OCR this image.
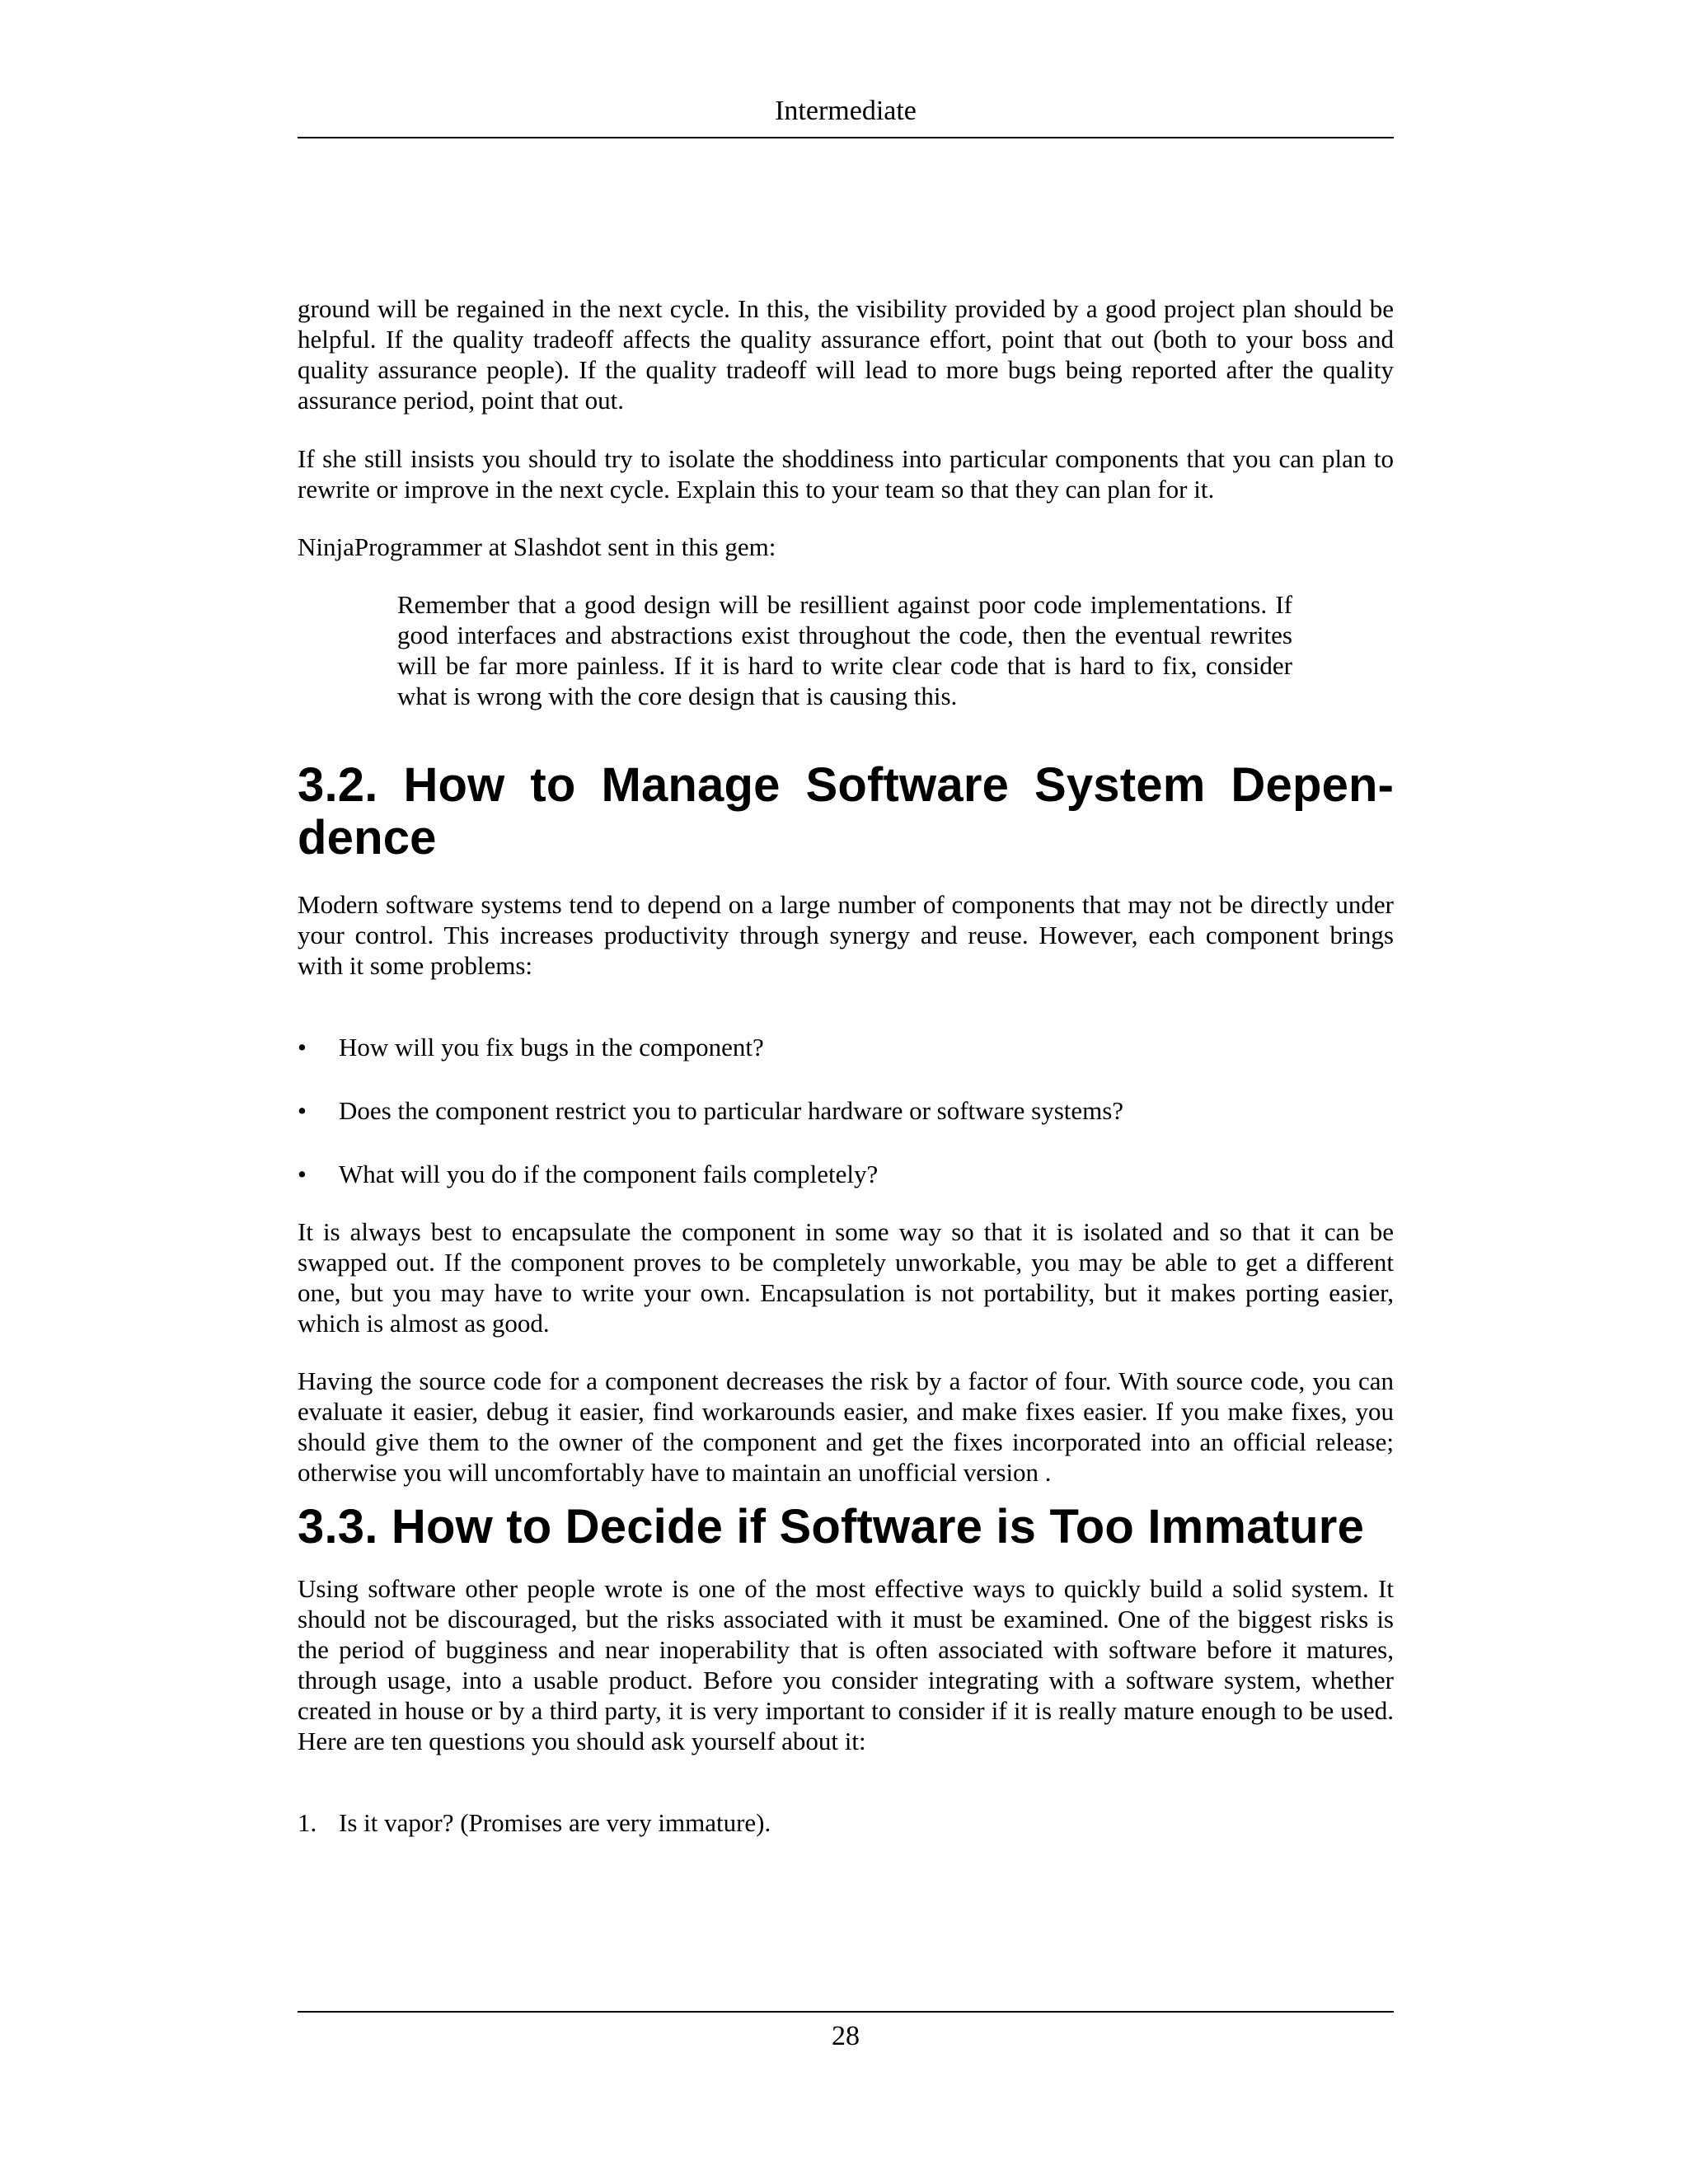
Intermediate

ground will be regained in the next cycle. In this, the visibility provided by a good project plan should be helpful. If the quality tradeoff affects the quality assurance effort, point that out (both to your boss and quality assurance people). If the quality tradeoff will lead to more bugs being reported after the quality assurance period, point that out.

If she still insists you should try to isolate the shoddiness into particular components that you can plan to rewrite or improve in the next cycle. Explain this to your team so that they can plan for it.

NinjaProgrammer at Slashdot sent in this gem:

Remember that a good design will be resillient against poor code implementations. If good interfaces and abstractions exist throughout the code, then the eventual rewrites will be far more painless. If it is hard to write clear code that is hard to fix, consider what is wrong with the core design that is causing this.
3.2. How to Manage Software System Dependence

Modern software systems tend to depend on a large number of components that may not be directly under your control. This increases productivity through synergy and reuse. However, each component brings with it some problems:

• How will you fix bugs in the component?
• Does the component restrict you to particular hardware or software systems?
• What will you do if the component fails completely?

It is always best to encapsulate the component in some way so that it is isolated and so that it can be swapped out. If the component proves to be completely unworkable, you may be able to get a different one, but you may have to write your own. Encapsulation is not portability, but it makes porting easier, which is almost as good.

Having the source code for a component decreases the risk by a factor of four. With source code, you can evaluate it easier, debug it easier, find workarounds easier, and make fixes easier. If you make fixes, you should give them to the owner of the component and get the fixes incorporated into an official release; otherwise you will uncomfortably have to maintain an unofficial version .

3.3. How to Decide if Software is Too Immature

Using software other people wrote is one of the most effective ways to quickly build a solid system. It should not be discouraged, but the risks associated with it must be examined. One of the biggest risks is the period of bugginess and near inoperability that is often associated with software before it matures, through usage, into a usable product. Before you consider integrating with a software system, whether created in house or by a third party, it is very important to consider if it is really mature enough to be used. Here are ten questions you should ask yourself about it:

1. Is it vapor? (Promises are very immature).
28
